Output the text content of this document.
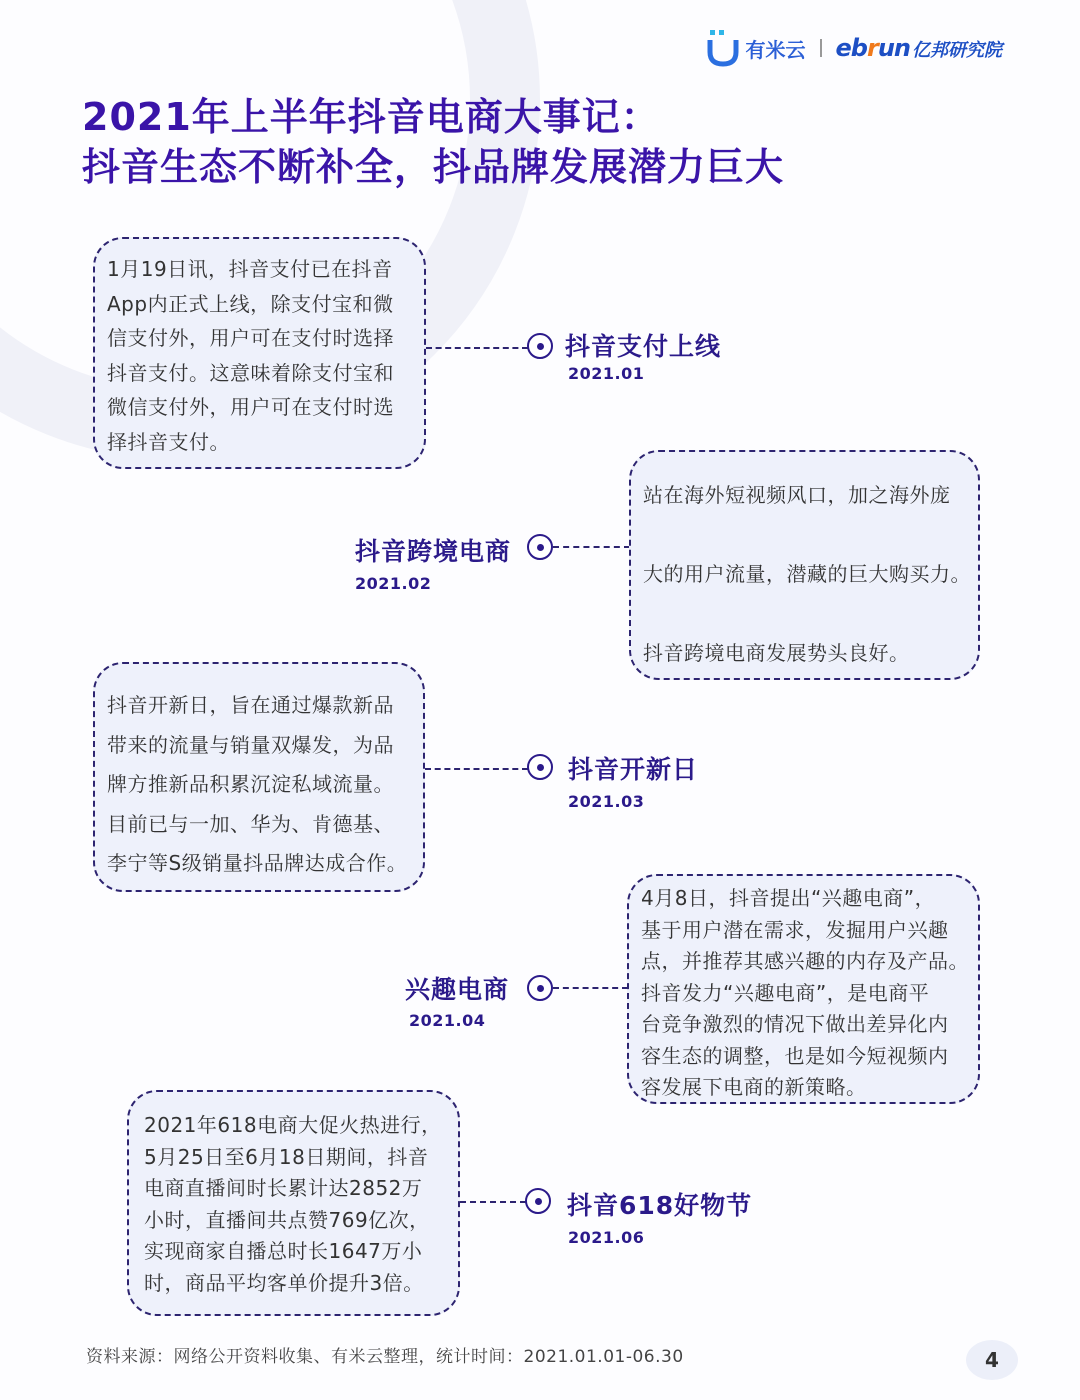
有米云 ebrun 亿邦研究院
2021年上半年抖音电商大事记：
抖音生态不断补全，抖品牌发展潜力巨大

1月19日讯，抖音支付已在抖音

App内正式上线，除支付宝和微

信支付外，用户可在支付时选择

抖音支付。这意味着除支付宝和

微信支付外，用户可在支付时选

择抖音支付。

抖音支付上线
2021.01
抖音跨境电商
2021.02

站在海外短视频风口，加之海外庞

大的用户流量，潜藏的巨大购买力。

抖音跨境电商发展势头良好。

抖音开新日，旨在通过爆款新品

带来的流量与销量双爆发，为品

牌方推新品积累沉淀私域流量。

目前已与一加、华为、肯德基、

李宁等S级销量抖品牌达成合作。

抖音开新日
2021.03
兴趣电商
2021.04

4月8日，抖音提出“兴趣电商”，

基于用户潜在需求，发掘用户兴趣

点，并推荐其感兴趣的内存及产品。

抖音发力“兴趣电商”，是电商平

台竞争激烈的情况下做出差异化内

容生态的调整，也是如今短视频内

容发展下电商的新策略。

2021年618电商大促火热进行，

5月25日至6月18日期间，抖音

电商直播间时长累计达2852万

小时，直播间共点赞769亿次，

实现商家自播总时长1647万小

时，商品平均客单价提升3倍。

抖音618好物节
2021.06
资料来源：网络公开资料收集、有米云整理，统计时间：2021.01.01-06.30	4
